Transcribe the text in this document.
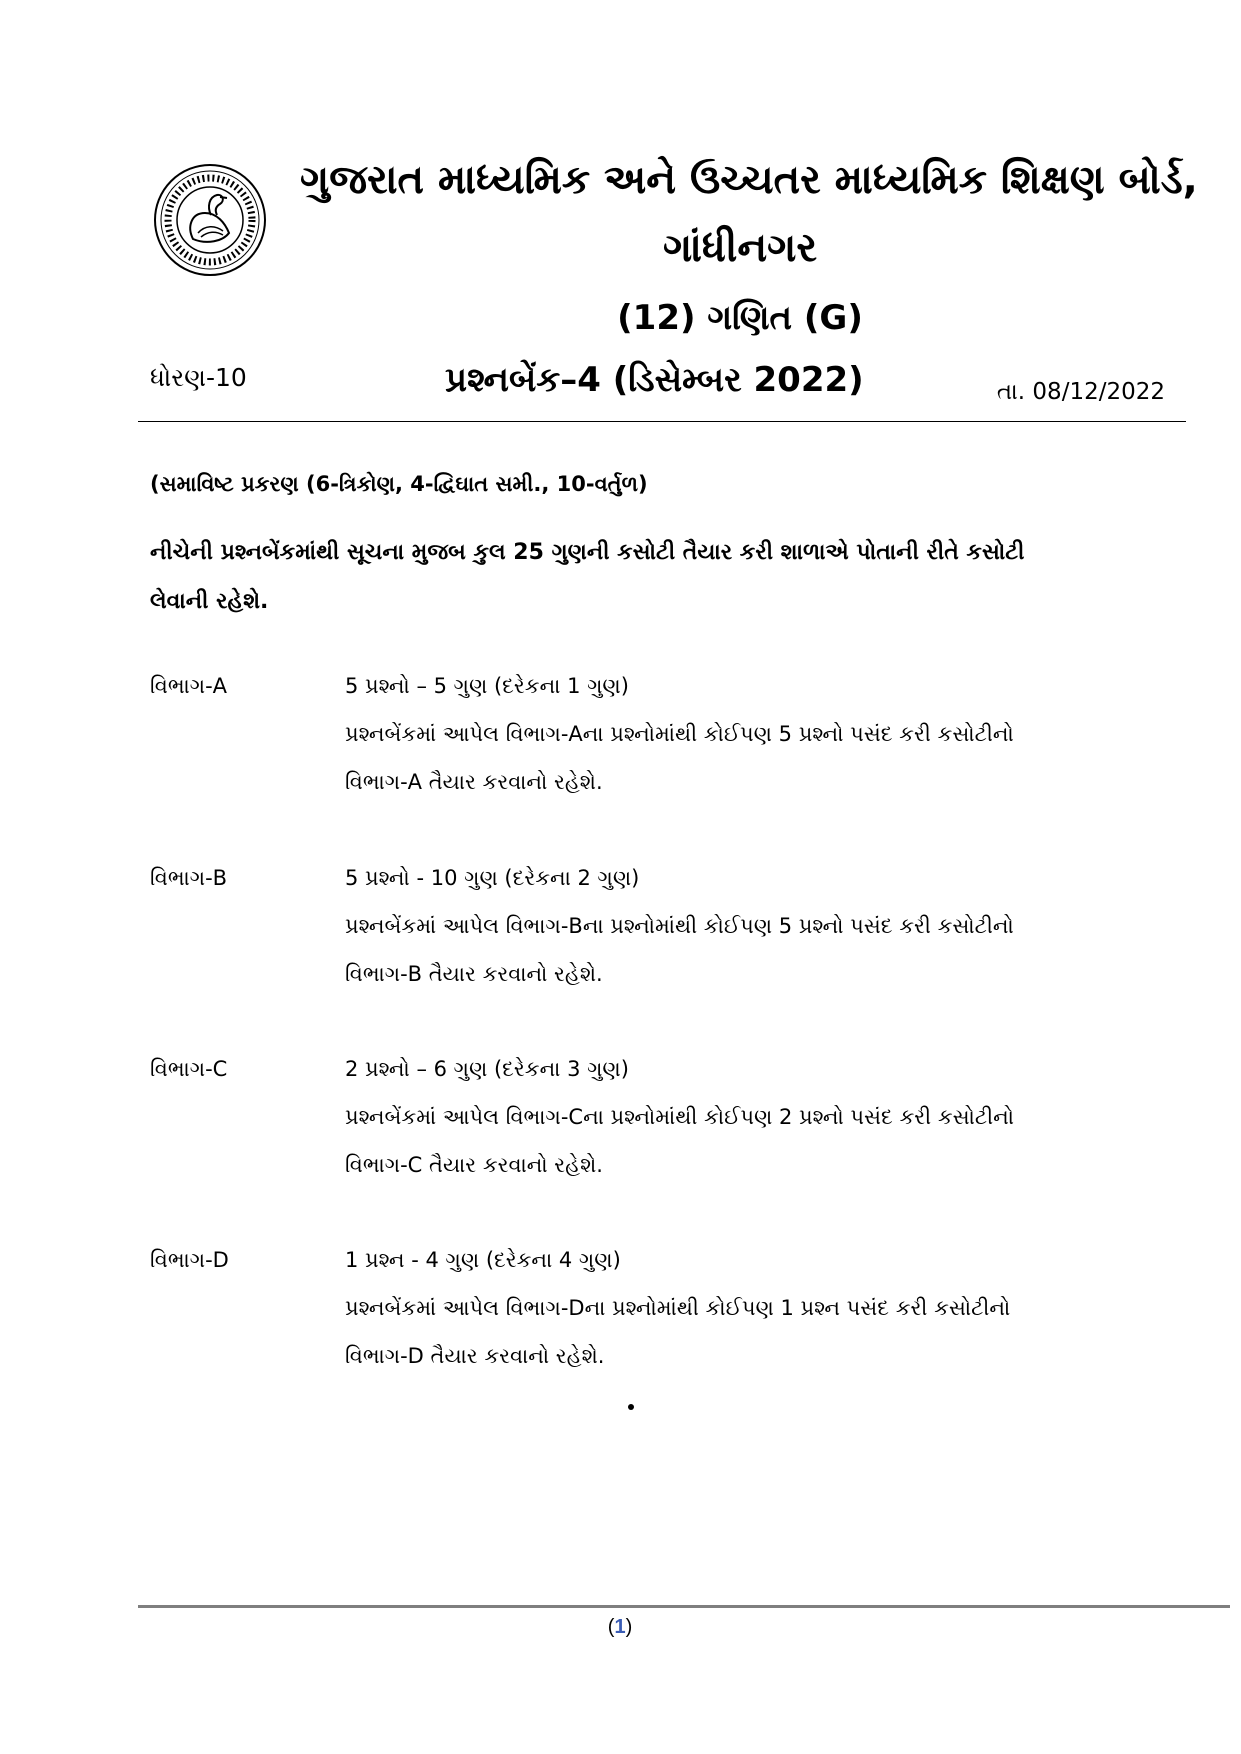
ગુજરાત માધ્યમિક અને ઉચ્ચતર માધ્યમિક શિક્ષણ બોર્ડ,
ગાંધીનગર
(12) ગણિત (G)
ધોરણ-10	પ્રશ્નબેંક–4 (ડિસેમ્બર 2022)	તા. 08/12/2022
(સમાવિષ્ટ પ્રકરણ (6-ત્રિકોણ, 4-દ્વિઘાત સમી., 10-વર્તુળ)
નીચેની પ્રશ્નબેંકમાંથી સૂચના મુજબ કુલ 25 ગુણની કસોટી તૈયાર કરી શાળાએ પોતાની રીતે કસોટી લેવાની રહેશે.
વિભાગ-A	5 પ્રશ્નો – 5 ગુણ (દરેકના 1 ગુણ)
પ્રશ્નબેંકમાં આપેલ વિભાગ-Aના પ્રશ્નોમાંથી કોઈપણ 5 પ્રશ્નો પસંદ કરી કસોટીનો
વિભાગ-A તૈયાર કરવાનો રહેશે.
વિભાગ-B	5 પ્રશ્નો - 10 ગુણ (દરેકના 2 ગુણ)
પ્રશ્નબેંકમાં આપેલ વિભાગ-Bના પ્રશ્નોમાંથી કોઈપણ 5 પ્રશ્નો પસંદ કરી કસોટીનો
વિભાગ-B તૈયાર કરવાનો રહેશે.
વિભાગ-C	2 પ્રશ્નો – 6 ગુણ (દરેકના 3 ગુણ)
પ્રશ્નબેંકમાં આપેલ વિભાગ-Cના પ્રશ્નોમાંથી કોઈપણ 2 પ્રશ્નો પસંદ કરી કસોટીનો
વિભાગ-C તૈયાર કરવાનો રહેશે.
વિભાગ-D	1 પ્રશ્ન - 4 ગુણ (દરેકના 4 ગુણ)
પ્રશ્નબેંકમાં આપેલ વિભાગ-Dના પ્રશ્નોમાંથી કોઈપણ 1 પ્રશ્ન પસંદ કરી કસોટીનો
વિભાગ-D તૈયાર કરવાનો રહેશે.
(1)
